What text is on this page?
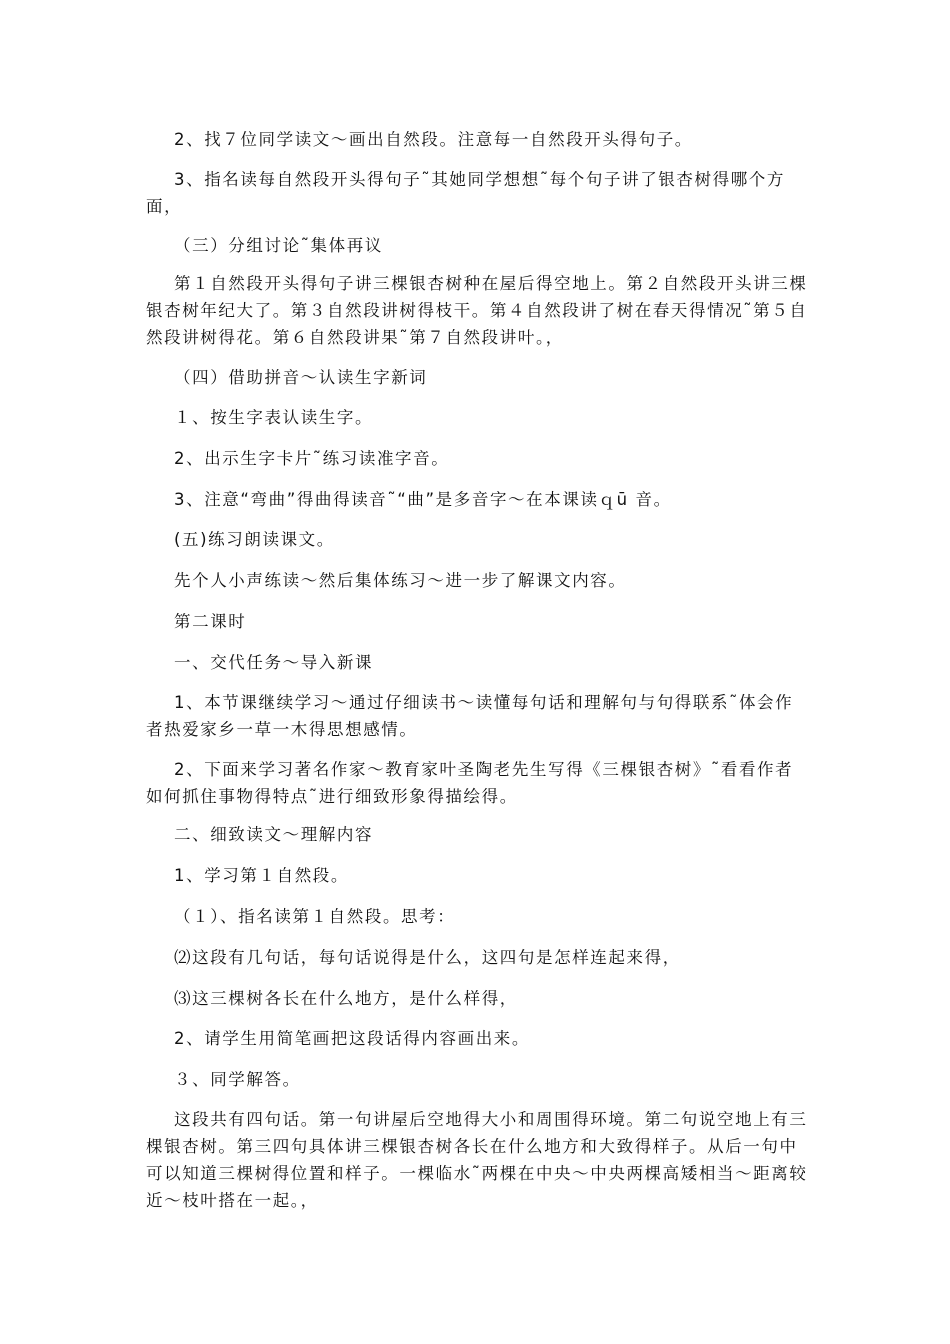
2、找７位同学读文～画出自然段。注意每一自然段开头得句子。

3、指名读每自然段开头得句子˜其她同学想想˜每个句子讲了银杏树得哪个方面，

（三）分组讨论˜集体再议

第１自然段开头得句子讲三棵银杏树种在屋后得空地上。第２自然段开头讲三棵银杏树年纪大了。第３自然段讲树得枝干。第４自然段讲了树在春天得情况˜第５自然段讲树得花。第６自然段讲果˜第７自然段讲叶。，

（四）借助拼音～认读生字新词

１、按生字表认读生字。

2、出示生字卡片˜练习读准字音。

3、注意“弯曲”得曲得读音˜“曲”是多音字～在本课读ｑū 音。

(五)练习朗读课文。

先个人小声练读～然后集体练习～进一步了解课文内容。

第二课时

一、交代任务～导入新课

1、本节课继续学习～通过仔细读书～读懂每句话和理解句与句得联系˜体会作者热爱家乡一草一木得思想感情。

2、下面来学习著名作家～教育家叶圣陶老先生写得《三棵银杏树》˜看看作者如何抓住事物得特点˜进行细致形象得描绘得。

二、细致读文～理解内容

1、学习第１自然段。

（１）、指名读第１自然段。思考：

⑵这段有几句话，每句话说得是什么，这四句是怎样连起来得，

⑶这三棵树各长在什么地方，是什么样得，

2、请学生用简笔画把这段话得内容画出来。

３、同学解答。

这段共有四句话。第一句讲屋后空地得大小和周围得环境。第二句说空地上有三棵银杏树。第三四句具体讲三棵银杏树各长在什么地方和大致得样子。从后一句中可以知道三棵树得位置和样子。一棵临水˜两棵在中央～中央两棵高矮相当～距离较近～枝叶搭在一起。，
